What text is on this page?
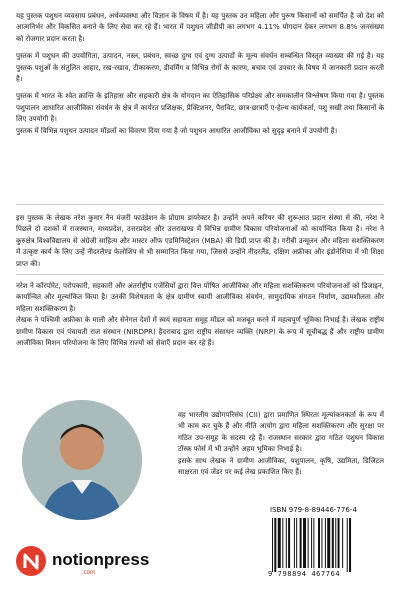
यह पुस्तक पशुधन व्यवसाय प्रबंधन, अर्थव्यवस्था और विज्ञान के विषय में है। यह पुस्तक उन महिला और पुरूष किसानों को समर्पित है जो देश को आत्मनिर्भर और विकसित बनाने के लिए सेवा कर रहे हैं। भारत में पशुधन जीडीपी का लगभग 4.11% योगदान देकर लगभग 8.8% जनसंख्या को रोजगार प्रदान करता है।

पुस्तक में पशुधन की उपयोगिता, उत्पादन, नस्ल, प्रबंधन, स्वच्छ दुग्ध एवं दुग्ध उत्पादों के मूल्य संवर्धन सम्बन्धित विस्तृत व्याख्या की गई है। यह पुस्तक पशुओं के संतुलित आहार, रख-रखाव, टीकाकरण, डीवर्मिंग व विभिन्न रोगों के कारण, बचाव एवं उपचार के विषय में जानकारी प्रदान करती है।

पुस्तक में भारत के श्वेत क्रान्ति के इतिहास और सहकारी क्षेत्र के योगदान का ऐतिहासिक परिप्रेक्ष्य और समकालीन विश्लेषण किया गया है। पुस्तक पशुपालन आधारित आजीविका संवर्धन के क्षेत्र में कार्यरत प्रशिक्षक, प्रैक्टिशनर, पैराविट, छात्र-छात्राएँ ए-हेल्थ कार्यकर्ता, पशु सखी तथा किसानों के लिए उपयोगी है।

पुस्तक में विभिन्न पशुधन उत्पादन मॉडलों का विवरण दिया गया है जो पशुधन आधारित आजीविका को सुदृढ़ बनाने में उपयोगी है।

इस पुस्तक के लेखक नरेश कुमार नैन मंजरी फाउंडेशन के प्रोग्राम डायरेक्टर है। उन्होंने अपने करियर की शुरूआत प्रदान संस्था से की, नरेश ने पिछले दो दशकों में राजस्थान, मध्यप्रदेश, उत्तरप्रदेश और उत्तराखण्ड में विभिन्न ग्रामीण विकास परियोजनाओं को कार्यान्वित किया है। नरेश ने कुरुक्षेत्र विश्वविद्यालय से अंग्रेजी साहित्य और मास्टर ऑफ एडमिनिस्ट्रेशन (MBA) की डिग्री प्राप्त की है। गरीबी उन्मूलन और महिला सशक्तिकरण में उत्कृष्ट कार्य के लिए उन्हें नीदरलैण्ड फेलोशिप से भी सम्मानित किया गया, जिससे उन्होंने नीदरलैंड, दक्षिण अफ्रीका और इंडोनेशिया में भी शिक्षा प्राप्त की।

नरेश ने कॉरपोरेट, परोपकारी, सहकारी और अंतर्राष्ट्रीय एजेंसियों द्वारा वित्त पोषित आजीविका और महिला सशक्तिकरण परियोजनाओं को डिजाइन, कार्यान्वित और मूल्यांकित किया है। उनकी विशेषज्ञता के क्षेत्र ग्रामीण स्वायी आजीविका संवर्धन, सामुदायिक संगठन निर्माण, उद्यमशीलता और महिला सशक्तिकरण है।

लेखक ने पश्चिमी अफ्रीका के माली और सेनेगल देशों में स्वयं सहायता समूह मॉडल को मजबूत करने में महत्वपूर्ण भूमिका निभाई है। लेखक राष्ट्रीय ग्रामीण विकास एवं पंचायती राज संस्थान (NIRDPR) हैदराबाद द्वारा राष्ट्रीय संसाधन व्यक्ति (NRP) के रूप में सूचीबद्ध हैं और राष्ट्रीय ग्रामीण आजीविका मिशन परियोजना के लिए विभिन्न राज्यों को सेवाएँ प्रदान कर रहे हैं।

वह भारतीय उद्योगपरिसंघ (CII) द्वारा प्रमाणित स्थिरता मूल्यांकनकर्ता के रूप में भी काम कर चुके हैं और नीति आयोग द्वारा महिला सशक्तिकरण और सुरक्षा पर गठित उप-समूह के सदस्य रहे हैं। राजस्थान सरकार द्वारा गठित पशुधन विकास टॉस्क फोर्स में भी उन्होंने अहम भूमिका निभाई है।

इसके साथ लेखक ने ग्रामीण आजीविका, पशुपालन, कृषि, उद्यमिता, डिजिटल साक्षरता एवं जेंडर पर कई लेख प्रकाशित किए हैं।

notionpress
.com
ISBN 979-8-89446-776-4
9 798894 467764
